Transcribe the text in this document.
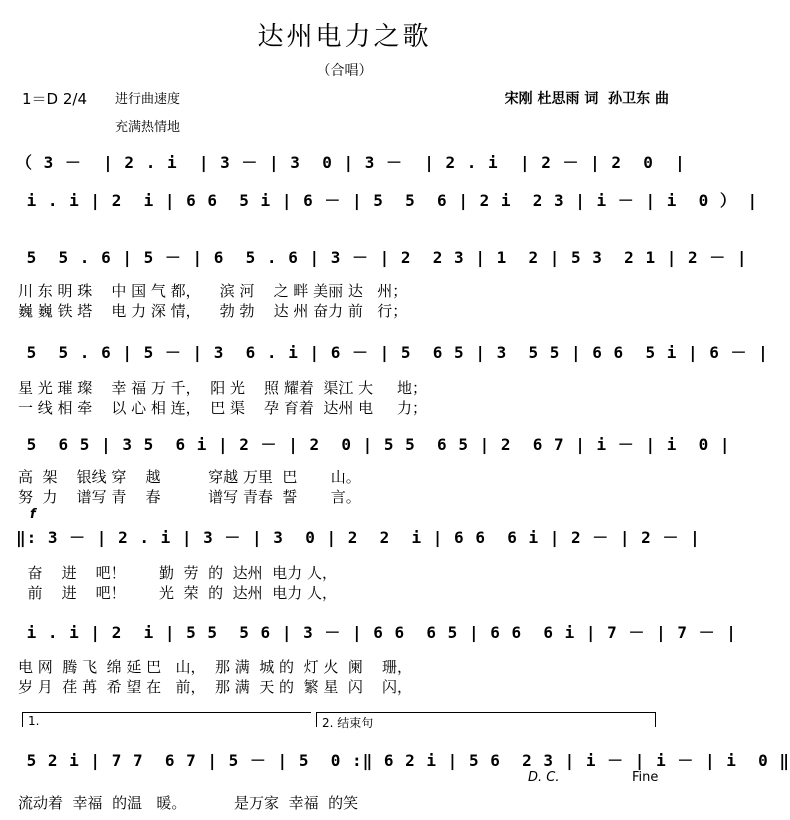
达州电力之歌
（合唱）
1＝D 2/4 进行曲速度
充满热情地
宋刚 杜思雨 词  孙卫东 曲
（ 3 －  | 2 . i  | 3 － | 3  0 | 3 －  | 2 . i  | 2 － | 2  0  |
i . i | 2  i | 6 6  5 i | 6 － | 5  5  6 | 2 i  2 3 | i － | i  0 ） |
5  5 . 6 | 5 － | 6  5 . 6 | 3 － | 2  2 3 | 1  2 | 5 3  2 1 | 2 － |
川 东 明 珠    中 国 气 都，    滨 河    之 畔 美丽 达   州；
巍 巍 铁 塔    电 力 深 情，    勃 勃    达 州 奋力 前   行；
5  5 . 6 | 5 － | 3  6 . i | 6 － | 5  6 5 | 3  5 5 | 6 6  5 i | 6 － |
星 光 璀 璨    幸 福 万 千，  阳 光    照 耀着  渠江 大     地；
一 线 相 牵    以 心 相 连，  巴 渠    孕 育着  达州 电     力；
5  6 5 | 3 5  6 i | 2 － | 2  0 | 5 5  6 5 | 2  6 7 | i － | i  0 |
高  架    银线 穿    越          穿越 万里  巴       山。
努  力    谱写 青    春          谱写 青春  誓       言。
f
‖: 3 － | 2 . i | 3 － | 3  0 | 2  2  i | 6 6  6 i | 2 － | 2 － |
奋    进    吧！       勤  劳  的  达州  电力 人，
前    进    吧！       光  荣  的  达州  电力 人，
i . i | 2  i | 5 5  5 6 | 3 － | 6 6  6 5 | 6 6  6 i | 7 － | 7 － |
电 网  腾 飞  绵 延 巴   山，  那 满  城 的  灯 火  阑    珊，
岁 月  荏 苒  希 望 在   前，  那 满  天 的  繁 星  闪    闪，
1.	2. 结束句
5 2 i | 7 7  6 7 | 5 － | 5  0 :‖ 6 2 i | 5 6  2 3 | i － | i － | i  0 ‖
D. C.	Fine
流动着  幸福  的温   暖。          是万家  幸福  的笑
